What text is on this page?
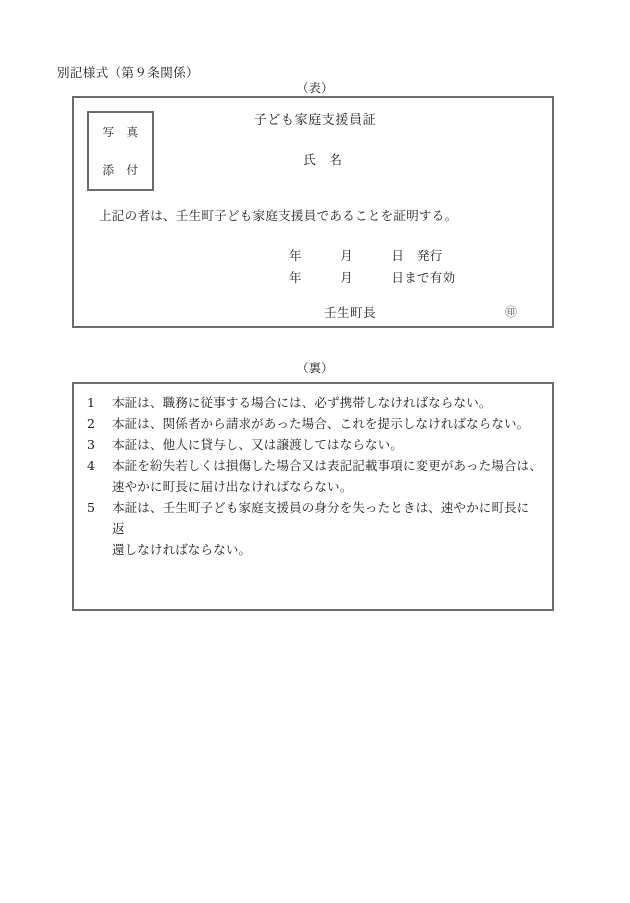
別記様式（第９条関係）
（表）
写　真
添　付
子ども家庭支援員証
氏　名
上記の者は、壬生町子ども家庭支援員であることを証明する。
年　　　月　　　日　発行
年　　　月　　　日まで有効
壬生町長	㊞
（裏）
1	本証は、職務に従事する場合には、必ず携帯しなければならない。
2	本証は、関係者から請求があった場合、これを提示しなければならない。
3	本証は、他人に貸与し、又は譲渡してはならない。
4	本証を紛失若しくは損傷した場合又は表記記載事項に変更があった場合は、
速やかに町長に届け出なければならない。
5	本証は、壬生町子ども家庭支援員の身分を失ったときは、速やかに町長に返
還しなければならない。
